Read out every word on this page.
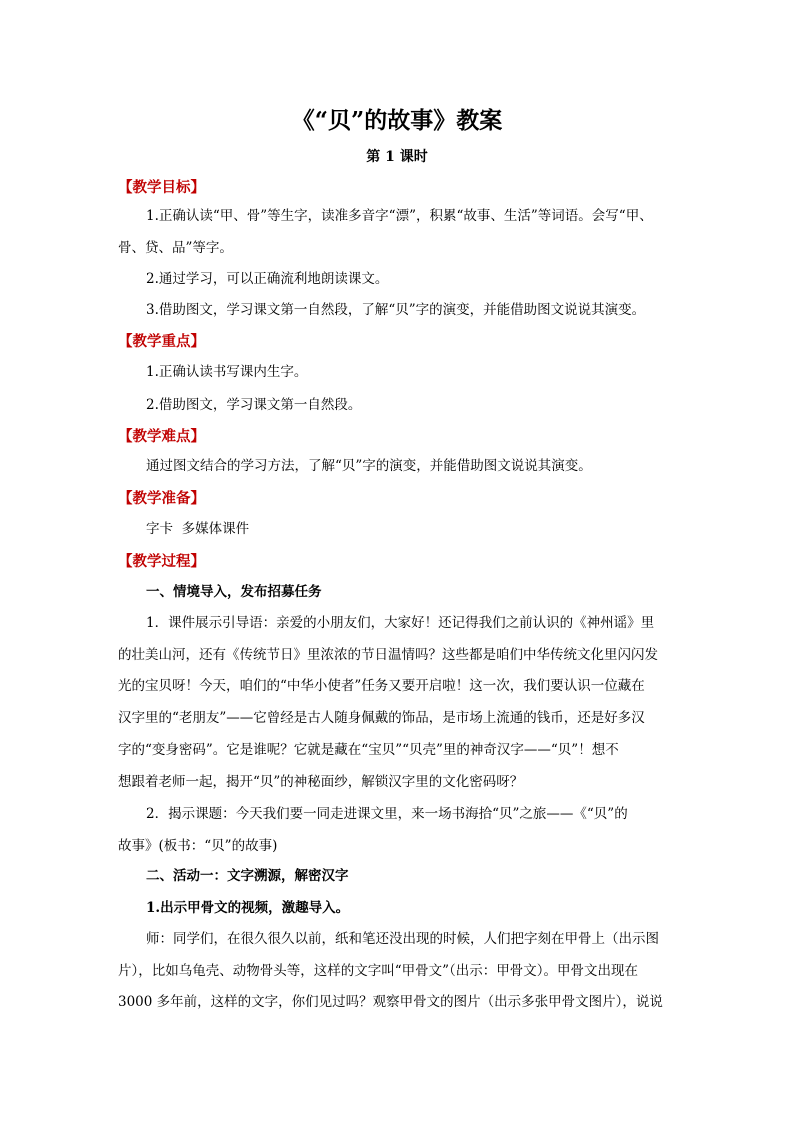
《“贝”的故事》教案
第 1 课时
【教学目标】
1.正确认读“甲、骨”等生字，读准多音字“漂”，积累“故事、生活”等词语。会写“甲、
骨、贷、品”等字。
2.通过学习，可以正确流利地朗读课文。
3.借助图文，学习课文第一自然段，了解“贝”字的演变，并能借助图文说说其演变。
【教学重点】
1.正确认读书写课内生字。
2.借助图文，学习课文第一自然段。
【教学难点】
通过图文结合的学习方法，了解“贝”字的演变，并能借助图文说说其演变。
【教学准备】
字卡  多媒体课件
【教学过程】
一、情境导入，发布招募任务
1．课件展示引导语：亲爱的小朋友们，大家好！还记得我们之前认识的《神州谣》里
的壮美山河，还有《传统节日》里浓浓的节日温情吗？这些都是咱们中华传统文化里闪闪发
光的宝贝呀！今天，咱们的“中华小使者”任务又要开启啦！这一次，我们要认识一位藏在
汉字里的“老朋友”——它曾经是古人随身佩戴的饰品，是市场上流通的钱币，还是好多汉
字的“变身密码”。它是谁呢？它就是藏在“宝贝”“贝壳”里的神奇汉字——“贝”！想不
想跟着老师一起，揭开“贝”的神秘面纱，解锁汉字里的文化密码呀？
2．揭示课题：今天我们要一同走进课文里，来一场书海拾“贝”之旅——《“贝”的
故事》(板书：“贝”的故事)
二、活动一：文字溯源，解密汉字
1.出示甲骨文的视频，激趣导入。
师：同学们，在很久很久以前，纸和笔还没出现的时候，人们把字刻在甲骨上（出示图
片），比如乌龟壳、动物骨头等，这样的文字叫“甲骨文”（出示：甲骨文）。甲骨文出现在
3000 多年前，这样的文字，你们见过吗？观察甲骨文的图片（出示多张甲骨文图片），说说
